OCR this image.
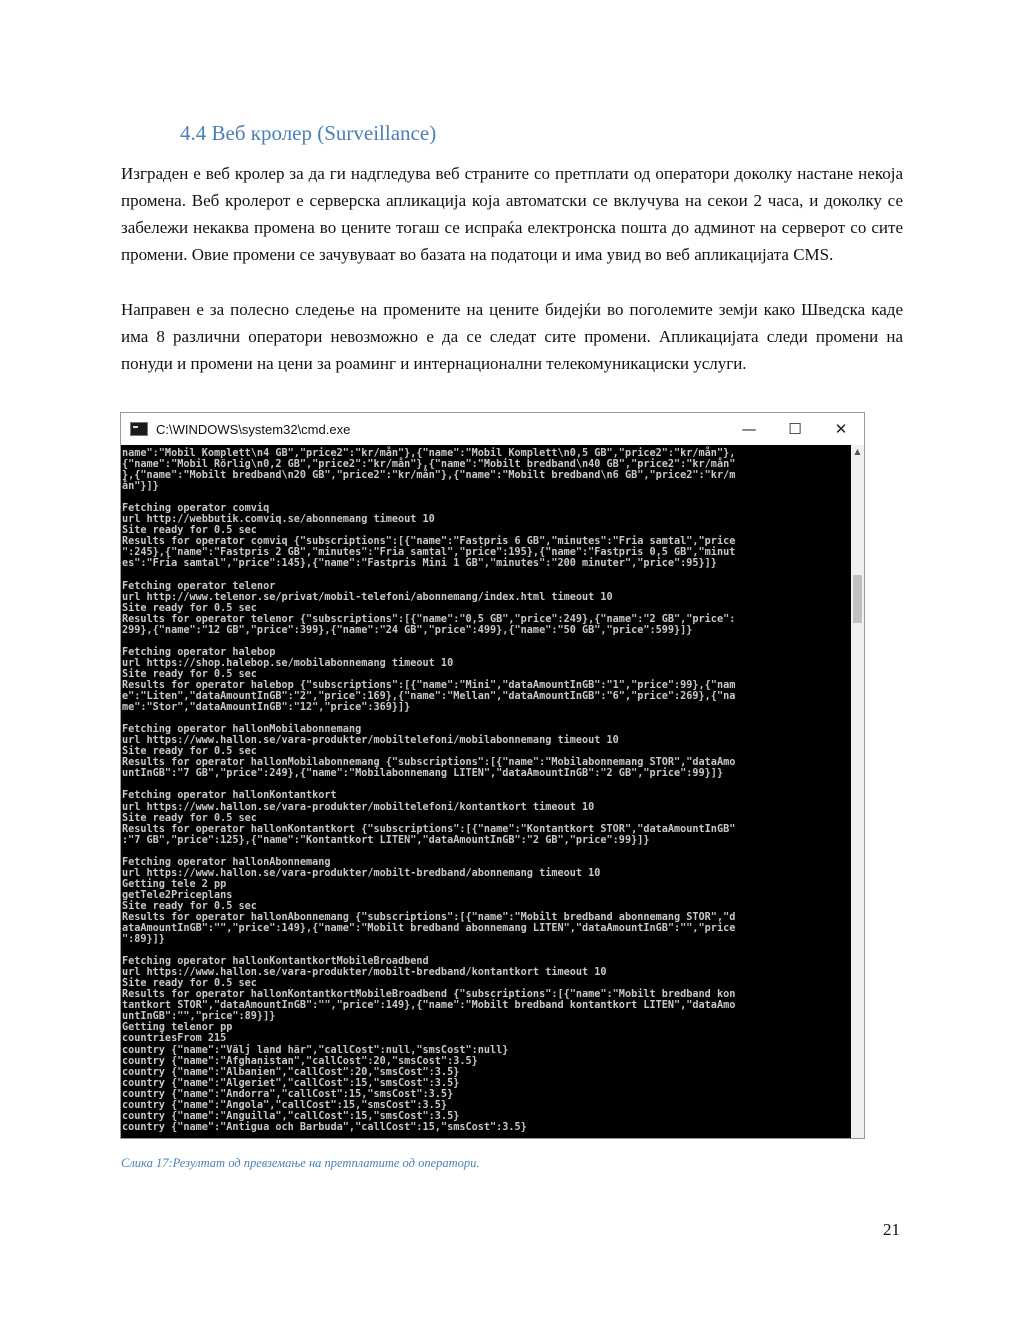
4.4 Веб кролер (Surveillance)

Изграден е веб кролер за да ги надгледува веб страните со претплати од оператори доколку настане некоја промена. Веб кролерот е серверска апликација која автоматски се вклучува на секои 2 часа, и доколку се забележи некаква промена во цените тогаш се испраќа електронска пошта до админот на серверот со сите промени. Овие промени се зачувуваат во базата на податоци и има увид во веб апликацијата CMS.

Направен е за полесно следење на промените на цените бидејќи во поголемите земји како Шведска каде има 8 различни оператори невозможно е да се следат сите промени. Апликацијата следи промени на понуди и промени на цени за роаминг и интернационални телекомуникациски услуги.

C:\WINDOWS\system32\cmd.exe	—	☐	✕
name":"Mobil Komplett\n4 GB","price2":"kr/mån"},{"name":"Mobil Komplett\n0,5 GB","price2":"kr/mån"},
{"name":"Mobil Rörlig\n0,2 GB","price2":"kr/mån"},{"name":"Mobilt bredband\n40 GB","price2":"kr/mån"
},{"name":"Mobilt bredband\n20 GB","price2":"kr/mån"},{"name":"Mobilt bredband\n6 GB","price2":"kr/m
ån"}]}

Fetching operator comviq
url http://webbutik.comviq.se/abonnemang timeout 10
Site ready for 0.5 sec
Results for operator comviq {"subscriptions":[{"name":"Fastpris 6 GB","minutes":"Fria samtal","price
":245},{"name":"Fastpris 2 GB","minutes":"Fria samtal","price":195},{"name":"Fastpris 0,5 GB","minut
es":"Fria samtal","price":145},{"name":"Fastpris Mini 1 GB","minutes":"200 minuter","price":95}]}

Fetching operator telenor
url http://www.telenor.se/privat/mobil-telefoni/abonnemang/index.html timeout 10
Site ready for 0.5 sec
Results for operator telenor {"subscriptions":[{"name":"0,5 GB","price":249},{"name":"2 GB","price":
299},{"name":"12 GB","price":399},{"name":"24 GB","price":499},{"name":"50 GB","price":599}]}

Fetching operator halebop
url https://shop.halebop.se/mobilabonnemang timeout 10
Site ready for 0.5 sec
Results for operator halebop {"subscriptions":[{"name":"Mini","dataAmountInGB":"1","price":99},{"nam
e":"Liten","dataAmountInGB":"2","price":169},{"name":"Mellan","dataAmountInGB":"6","price":269},{"na
me":"Stor","dataAmountInGB":"12","price":369}]}

Fetching operator hallonMobilabonnemang
url https://www.hallon.se/vara-produkter/mobiltelefoni/mobilabonnemang timeout 10
Site ready for 0.5 sec
Results for operator hallonMobilabonnemang {"subscriptions":[{"name":"Mobilabonnemang STOR","dataAmo
untInGB":"7 GB","price":249},{"name":"Mobilabonnemang LITEN","dataAmountInGB":"2 GB","price":99}]}

Fetching operator hallonKontantkort
url https://www.hallon.se/vara-produkter/mobiltelefoni/kontantkort timeout 10
Site ready for 0.5 sec
Results for operator hallonKontantkort {"subscriptions":[{"name":"Kontantkort STOR","dataAmountInGB"
:"7 GB","price":125},{"name":"Kontantkort LITEN","dataAmountInGB":"2 GB","price":99}]}

Fetching operator hallonAbonnemang
url https://www.hallon.se/vara-produkter/mobilt-bredband/abonnemang timeout 10
Getting tele 2 pp
getTele2Priceplans
Site ready for 0.5 sec
Results for operator hallonAbonnemang {"subscriptions":[{"name":"Mobilt bredband abonnemang STOR","d
ataAmountInGB":"","price":149},{"name":"Mobilt bredband abonnemang LITEN","dataAmountInGB":"","price
":89}]}

Fetching operator hallonKontantkortMobileBroadbend
url https://www.hallon.se/vara-produkter/mobilt-bredband/kontantkort timeout 10
Site ready for 0.5 sec
Results for operator hallonKontantkortMobileBroadbend {"subscriptions":[{"name":"Mobilt bredband kon
tantkort STOR","dataAmountInGB":"","price":149},{"name":"Mobilt bredband kontantkort LITEN","dataAmo
untInGB":"","price":89}]}
Getting telenor pp
countriesFrom 215
country {"name":"Välj land här","callCost":null,"smsCost":null}
country {"name":"Afghanistan","callCost":20,"smsCost":3.5}
country {"name":"Albanien","callCost":20,"smsCost":3.5}
country {"name":"Algeriet","callCost":15,"smsCost":3.5}
country {"name":"Andorra","callCost":15,"smsCost":3.5}
country {"name":"Angola","callCost":15,"smsCost":3.5}
country {"name":"Anguilla","callCost":15,"smsCost":3.5}
country {"name":"Antigua och Barbuda","callCost":15,"smsCost":3.5}
▲
Слика 17:Резултат од превземање на претплатите од оператори.
21
